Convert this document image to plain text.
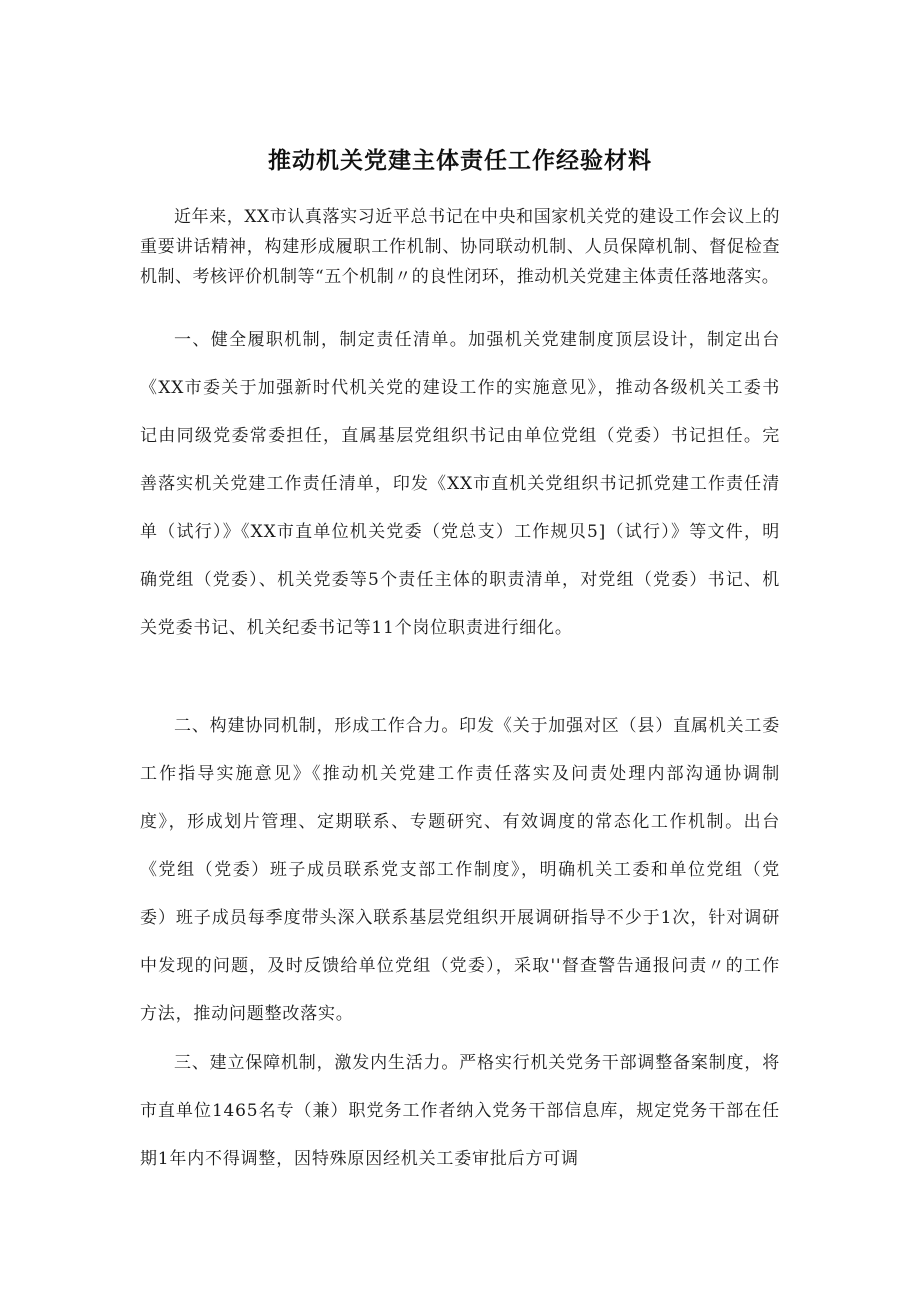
推动机关党建主体责任工作经验材料

近年来，XX市认真落实习近平总书记在中央和国家机关党的建设工作会议上的重要讲话精神，构建形成履职工作机制、协同联动机制、人员保障机制、督促检查机制、考核评价机制等“五个机制〃的良性闭环，推动机关党建主体责任落地落实。

一、健全履职机制，制定责任清单。加强机关党建制度顶层设计，制定出台《XX市委关于加强新时代机关党的建设工作的实施意见》，推动各级机关工委书记由同级党委常委担任，直属基层党组织书记由单位党组（党委）书记担任。完善落实机关党建工作责任清单，印发《XX市直机关党组织书记抓党建工作责任清单（试行）》《XX市直单位机关党委（党总支）工作规贝5]（试行）》等文件，明确党组（党委）、机关党委等5个责任主体的职责清单，对党组（党委）书记、机关党委书记、机关纪委书记等11个岗位职责进行细化。

二、构建协同机制，形成工作合力。印发《关于加强对区（县）直属机关工委工作指导实施意见》《推动机关党建工作责任落实及问责处理内部沟通协调制度》，形成划片管理、定期联系、专题研究、有效调度的常态化工作机制。出台《党组（党委）班子成员联系党支部工作制度》，明确机关工委和单位党组（党委）班子成员每季度带头深入联系基层党组织开展调研指导不少于1次，针对调研中发现的问题，及时反馈给单位党组（党委），采取''督查警告通报问责〃的工作方法，推动问题整改落实。

三、建立保障机制，激发内生活力。严格实行机关党务干部调整备案制度，将市直单位1465名专（兼）职党务工作者纳入党务干部信息库，规定党务干部在任期1年内不得调整，因特殊原因经机关工委审批后方可调
